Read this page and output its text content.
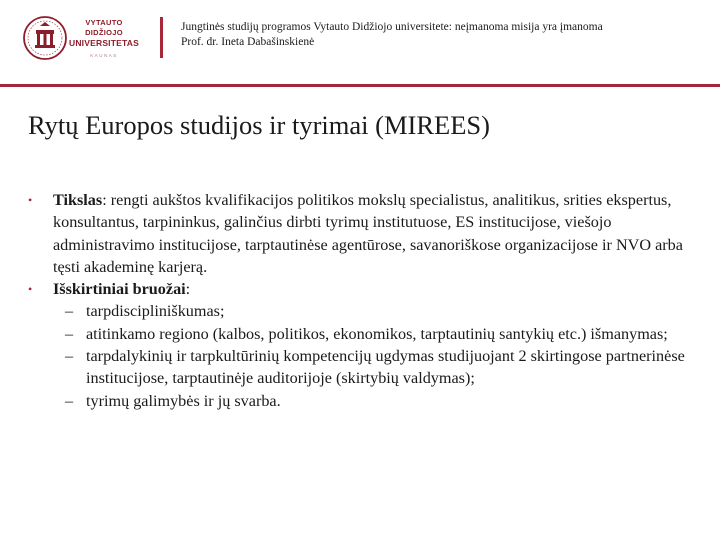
VYTAUTO DIDŽIOJO
UNIVERSITETAS
KAUNAS
Jungtinės studijų programos Vytauto Didžiojo universitete: neįmanoma misija yra įmanoma
Prof. dr. Ineta Dabašinskienė
Rytų Europos studijos ir tyrimai (MIREES)
• Tikslas: rengti aukštos kvalifikacijos politikos mokslų specialistus, analitikus, srities ekspertus, konsultantus, tarpininkus, galinčius dirbti tyrimų institutuose, ES institucijose, viešojo administravimo institucijose, tarptautinėse agentūrose, savanoriškose organizacijose ir NVO arba tęsti akademinę karjerą.
• Išskirtiniai bruožai:
– tarpdiscipliniškumas;
– atitinkamo regiono (kalbos, politikos, ekonomikos, tarptautinių santykių etc.) išmanymas;
– tarpdalykinių ir tarpkultūrinių kompetencijų ugdymas studijuojant 2 skirtingose partnerinėse institucijose, tarptautinėje auditorijoje (skirtybių valdymas);
– tyrimų galimybės ir jų svarba.
